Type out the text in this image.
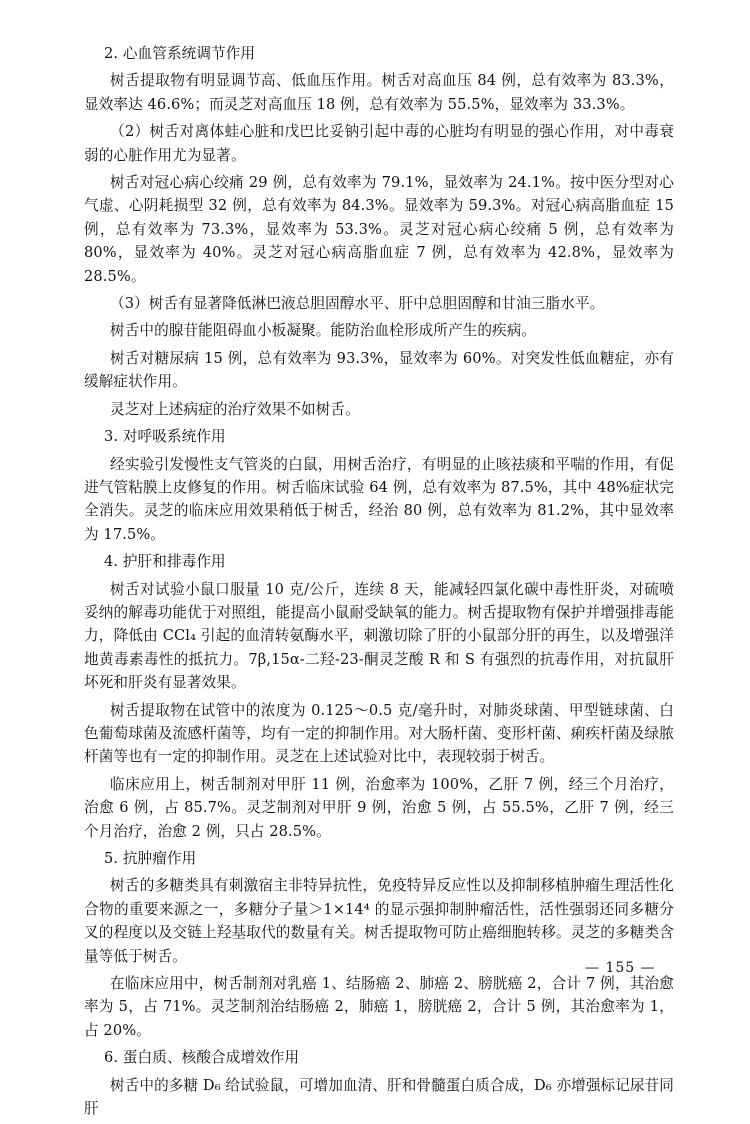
2. 心血管系统调节作用
树舌提取物有明显调节高、低血压作用。树舌对高血压 84 例，总有效率为 83.3%，显效率达 46.6%；而灵芝对高血压 18 例，总有效率为 55.5%，显效率为 33.3%。
（2）树舌对离体蛙心脏和戊巴比妥钠引起中毒的心脏均有明显的强心作用，对中毒衰弱的心脏作用尤为显著。
树舌对冠心病心绞痛 29 例，总有效率为 79.1%，显效率为 24.1%。按中医分型对心气虚、心阴耗损型 32 例，总有效率为 84.3%。显效率为 59.3%。对冠心病高脂血症 15 例，总有效率为 73.3%，显效率为 53.3%。灵芝对冠心病心绞痛 5 例，总有效率为 80%，显效率为 40%。灵芝对冠心病高脂血症 7 例，总有效率为 42.8%，显效率为 28.5%。
（3）树舌有显著降低淋巴液总胆固醇水平、肝中总胆固醇和甘油三脂水平。
树舌中的腺苷能阻碍血小板凝聚。能防治血栓形成所产生的疾病。
树舌对糖尿病 15 例，总有效率为 93.3%，显效率为 60%。对突发性低血糖症，亦有缓解症状作用。
灵芝对上述病症的治疗效果不如树舌。
3. 对呼吸系统作用
经实验引发慢性支气管炎的白鼠，用树舌治疗，有明显的止咳祛痰和平喘的作用，有促进气管粘膜上皮修复的作用。树舌临床试验 64 例，总有效率为 87.5%，其中 48%症状完全消失。灵芝的临床应用效果稍低于树舌，经治 80 例，总有效率为 81.2%，其中显效率为 17.5%。
4. 护肝和排毒作用
树舌对试验小鼠口服量 10 克/公斤，连续 8 天，能减轻四氯化碳中毒性肝炎，对硫喷妥纳的解毒功能优于对照组，能提高小鼠耐受缺氧的能力。树舌提取物有保护并增强排毒能力，降低由 CCl₄ 引起的血清转氨酶水平，刺激切除了肝的小鼠部分肝的再生，以及增强洋地黄毒素毒性的抵抗力。7β,15α-二羟-23-酮灵芝酸 R 和 S 有强烈的抗毒作用，对抗鼠肝坏死和肝炎有显著效果。
树舌提取物在试管中的浓度为 0.125～0.5 克/毫升时，对肺炎球菌、甲型链球菌、白色葡萄球菌及流感杆菌等，均有一定的抑制作用。对大肠杆菌、变形杆菌、痢疾杆菌及绿脓杆菌等也有一定的抑制作用。灵芝在上述试验对比中，表现较弱于树舌。
临床应用上，树舌制剂对甲肝 11 例，治愈率为 100%，乙肝 7 例，经三个月治疗，治愈 6 例，占 85.7%。灵芝制剂对甲肝 9 例，治愈 5 例，占 55.5%，乙肝 7 例，经三个月治疗，治愈 2 例，只占 28.5%。
5. 抗肿瘤作用
树舌的多糖类具有刺激宿主非特异抗性，免疫特异反应性以及抑制移植肿瘤生理活性化合物的重要来源之一，多糖分子量＞1×14⁴ 的显示强抑制肿瘤活性，活性强弱还同多糖分叉的程度以及交链上羟基取代的数量有关。树舌提取物可防止癌细胞转移。灵芝的多糖类含量等低于树舌。
在临床应用中，树舌制剂对乳癌 1、结肠癌 2、肺癌 2、膀胱癌 2，合计 7 例，其治愈率为 5，占 71%。灵芝制剂治结肠癌 2，肺癌 1，膀胱癌 2，合计 5 例，其治愈率为 1，占 20%。
6. 蛋白质、核酸合成增效作用
树舌中的多糖 D₆ 给试验鼠，可增加血清、肝和骨髓蛋白质合成，D₆ 亦增强标记尿苷同肝
— 155 —
